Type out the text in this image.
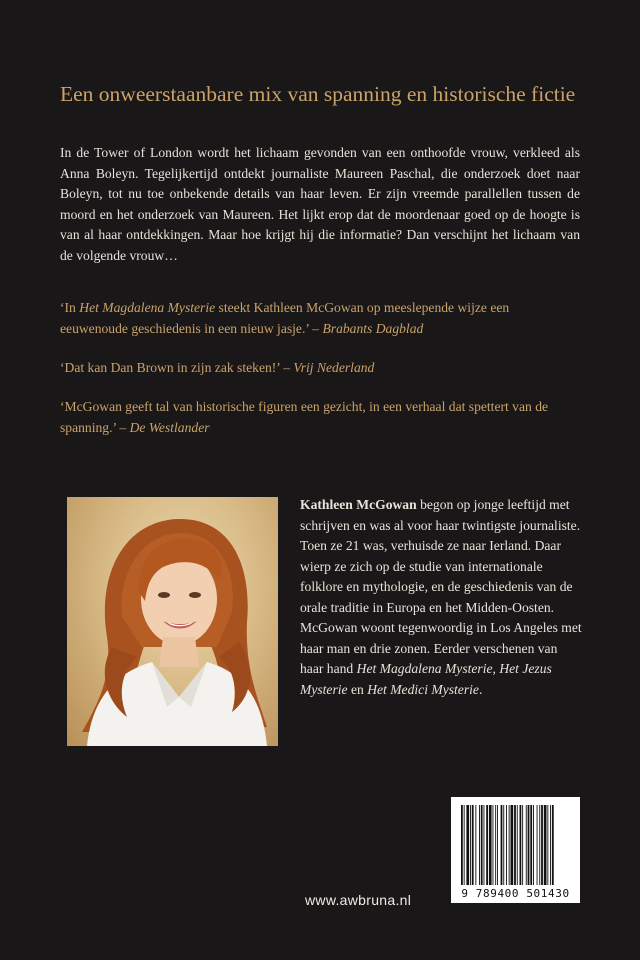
Een onweerstaanbare mix van spanning en historische fictie

In de Tower of London wordt het lichaam gevonden van een onthoofde vrouw, verkleed als Anna Boleyn. Tegelijkertijd ontdekt journaliste Maureen Paschal, die onderzoek doet naar Boleyn, tot nu toe onbekende details van haar leven. Er zijn vreemde parallellen tussen de moord en het onderzoek van Maureen. Het lijkt erop dat de moordenaar goed op de hoogte is van al haar ontdekkingen. Maar hoe krijgt hij die informatie? Dan verschijnt het lichaam van de volgende vrouw…

‘In Het Magdalena Mysterie steekt Kathleen McGowan op meeslepende wijze een eeuwenoude geschiedenis in een nieuw jasje.’ – Brabants Dagblad

‘Dat kan Dan Brown in zijn zak steken!’ – Vrij Nederland

‘McGowan geeft tal van historische figuren een gezicht, in een verhaal dat spettert van de spanning.’ – De Westlander

Kathleen McGowan begon op jonge leeftijd met schrijven en was al voor haar twintigste journaliste. Toen ze 21 was, verhuisde ze naar Ierland. Daar wierp ze zich op de studie van internationale folklore en mythologie, en de geschiedenis van de orale traditie in Europa en het Midden-Oosten. McGowan woont tegenwoordig in Los Angeles met haar man en drie zonen. Eerder verschenen van haar hand Het Magdalena Mysterie, Het Jezus Mysterie en Het Medici Mysterie.

9 789400 501430
www.awbruna.nl
